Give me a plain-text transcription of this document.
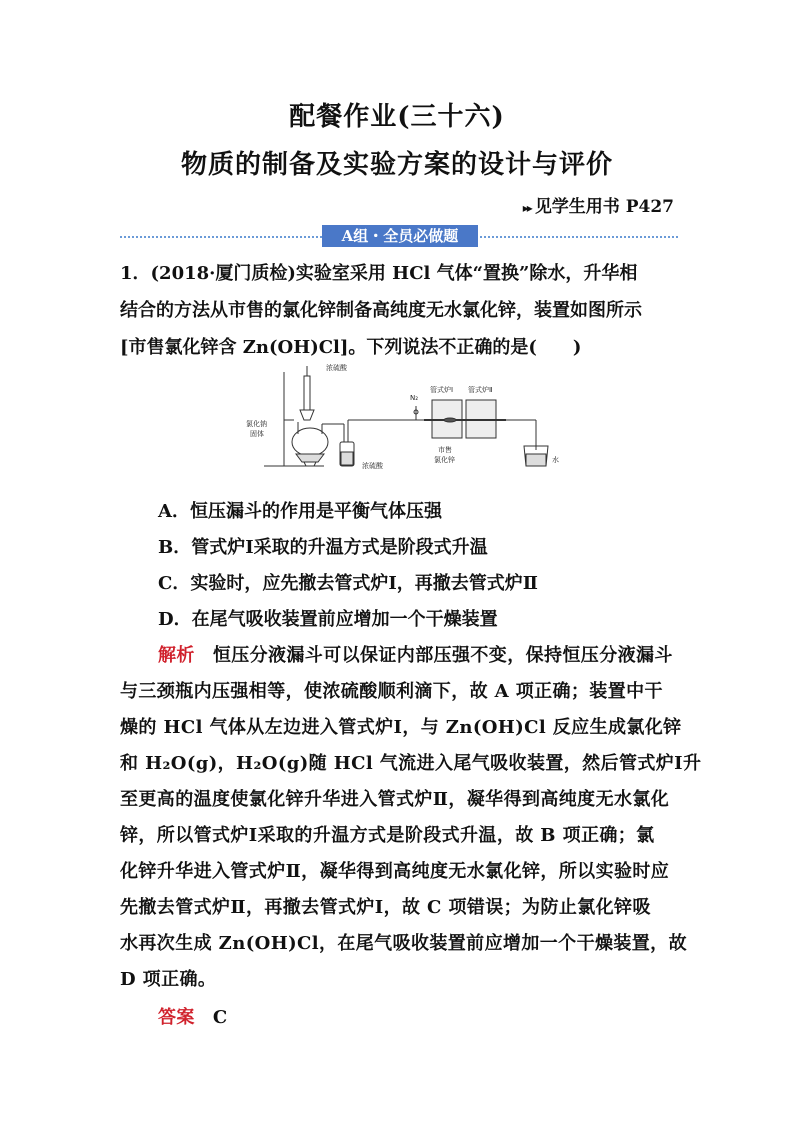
配餐作业(三十六)
物质的制备及实验方案的设计与评价
▸▸ 见学生用书 P427
A组・全员必做题
1．(2018·厦门质检)实验室采用 HCl 气体“置换”除水，升华相
结合的方法从市售的氯化锌制备高纯度无水氯化锌，装置如图所示
[市售氯化锌含 Zn(OH)Cl]。下列说法不正确的是(　　)
浓硫酸
N₂
管式炉Ⅰ 管式炉Ⅱ
氯化钠
固体
浓硫酸
市售
氯化锌	水
A．恒压漏斗的作用是平衡气体压强
B．管式炉Ⅰ采取的升温方式是阶段式升温
C．实验时，应先撤去管式炉Ⅰ，再撤去管式炉Ⅱ
D．在尾气吸收装置前应增加一个干燥装置
解析 恒压分液漏斗可以保证内部压强不变，保持恒压分液漏斗
与三颈瓶内压强相等，使浓硫酸顺利滴下，故 A 项正确；装置中干
燥的 HCl 气体从左边进入管式炉Ⅰ，与 Zn(OH)Cl 反应生成氯化锌
和 H₂O(g)，H₂O(g)随 HCl 气流进入尾气吸收装置，然后管式炉Ⅰ升
至更高的温度使氯化锌升华进入管式炉Ⅱ，凝华得到高纯度无水氯化
锌，所以管式炉Ⅰ采取的升温方式是阶段式升温，故 B 项正确；氯
化锌升华进入管式炉Ⅱ，凝华得到高纯度无水氯化锌，所以实验时应
先撤去管式炉Ⅱ，再撤去管式炉Ⅰ，故 C 项错误；为防止氯化锌吸
水再次生成 Zn(OH)Cl，在尾气吸收装置前应增加一个干燥装置，故
D 项正确。
答案 C
